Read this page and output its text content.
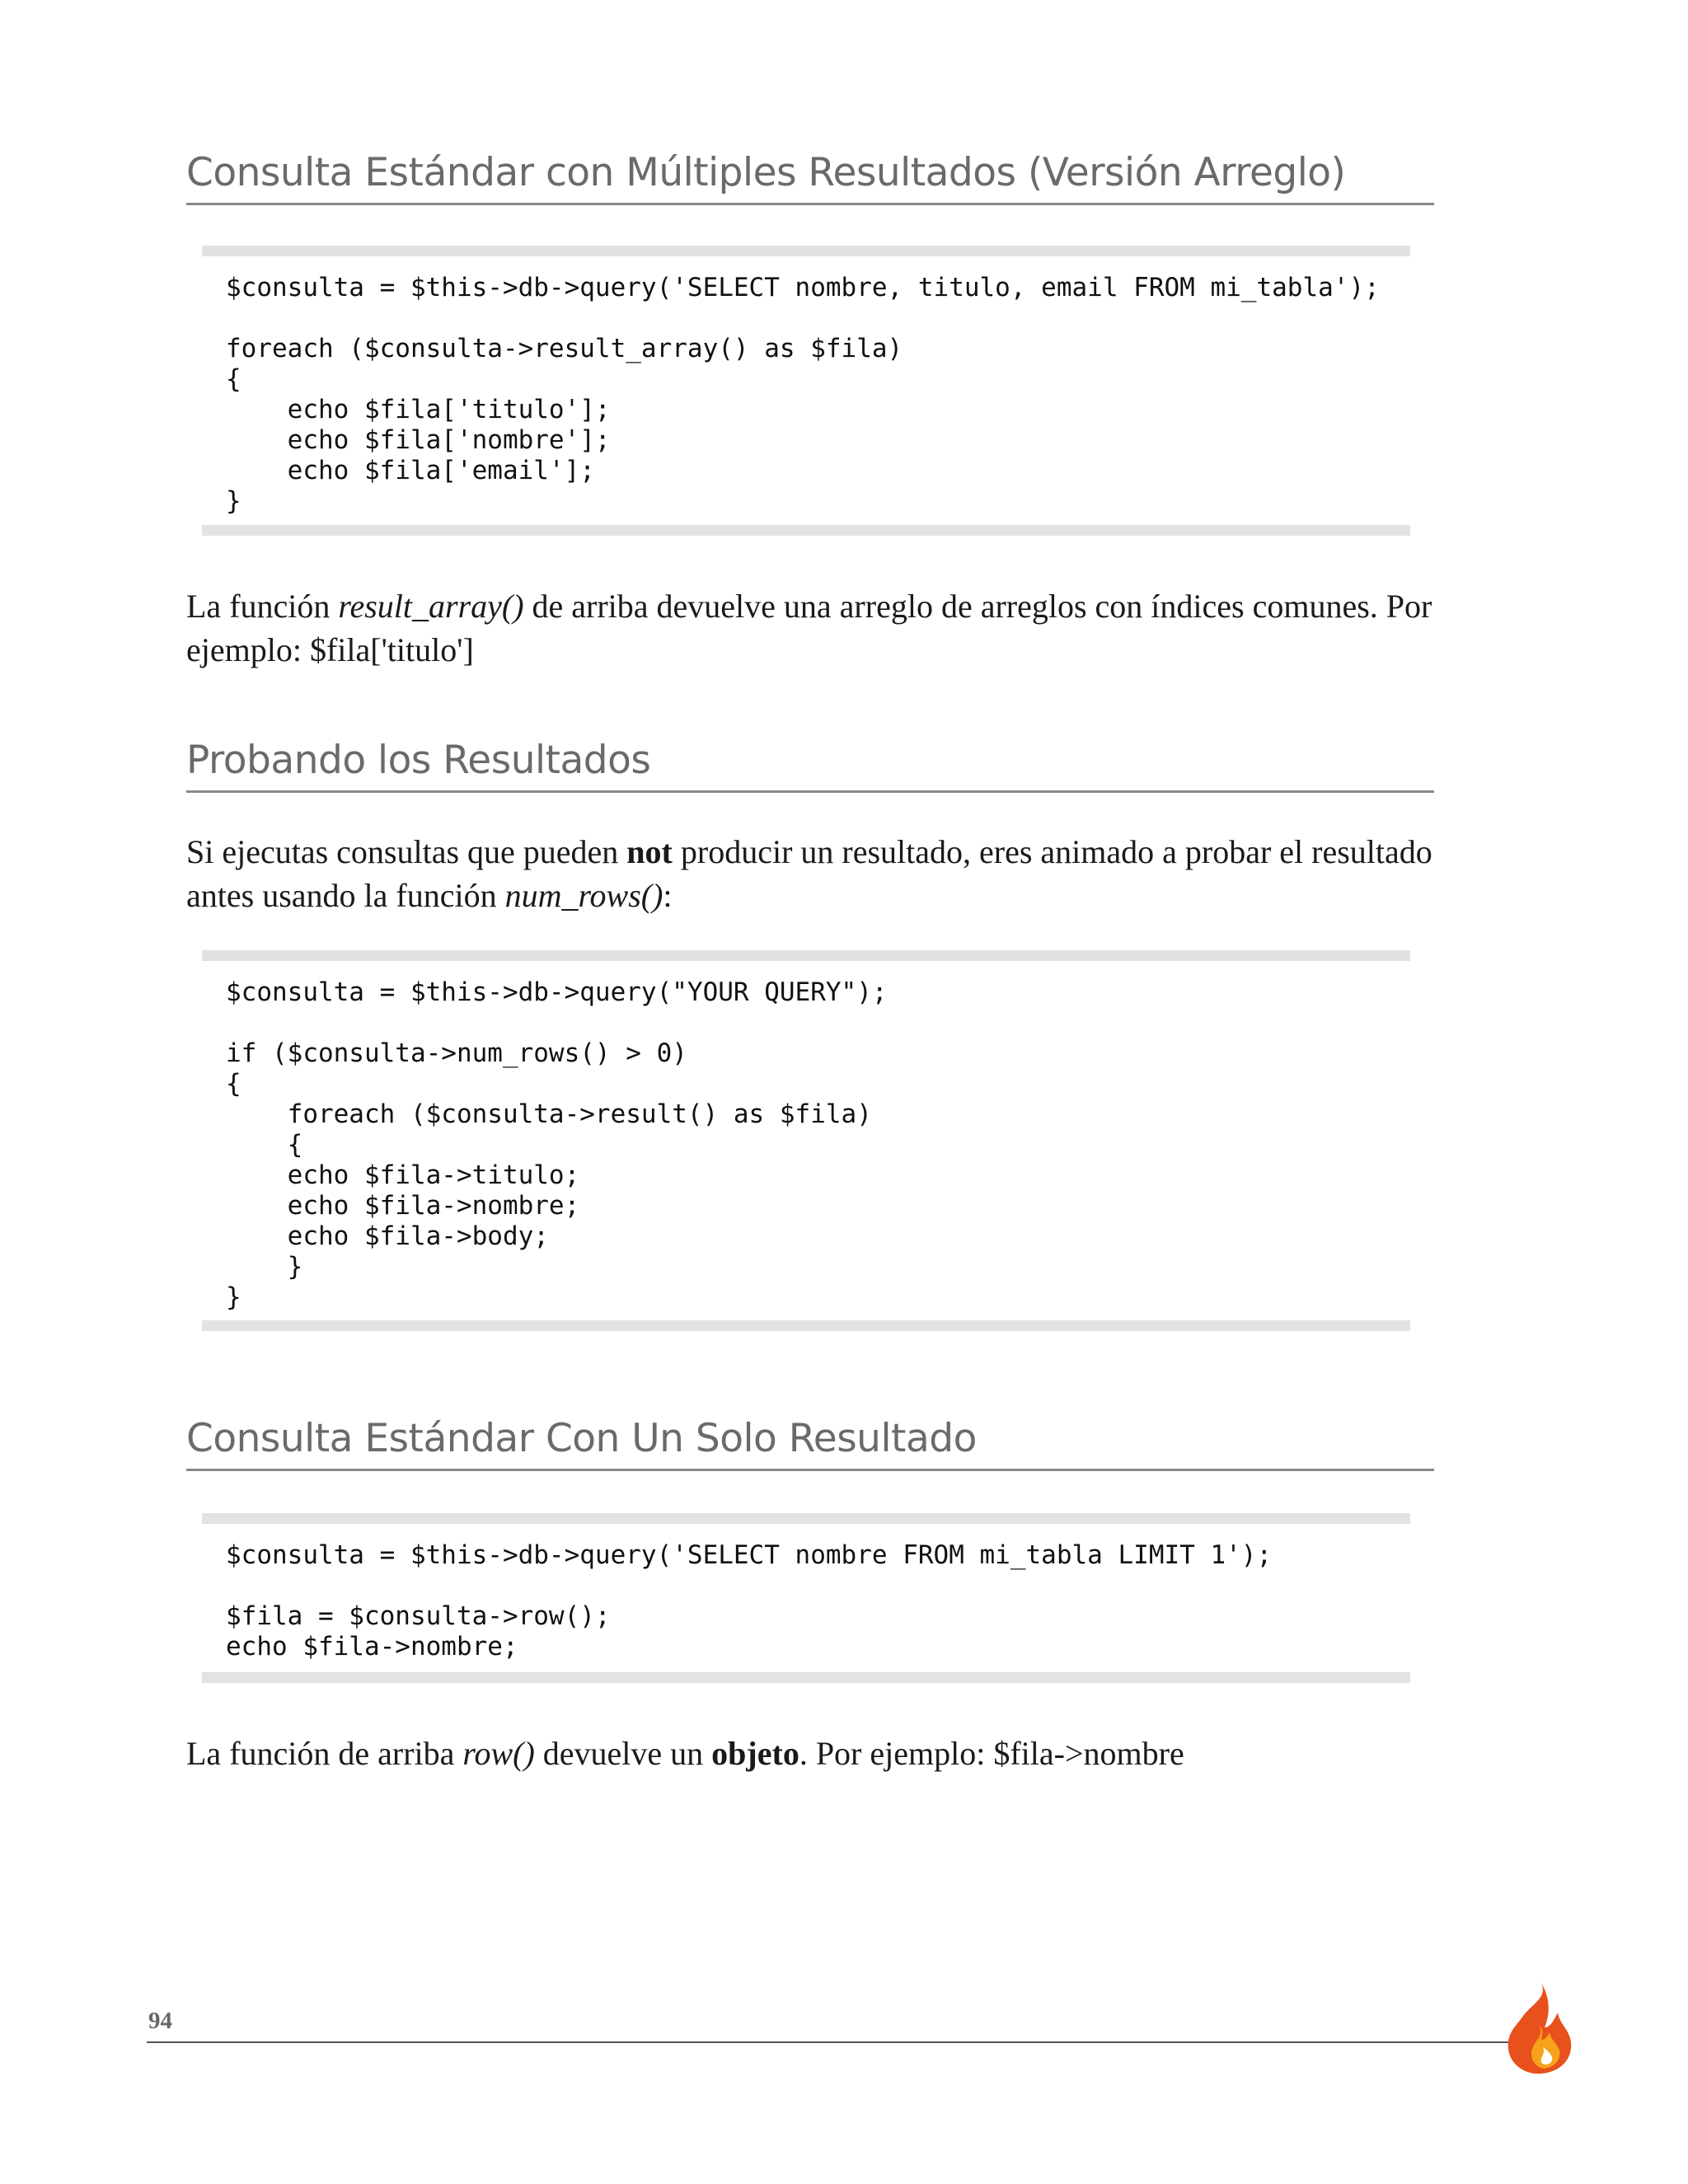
Consulta Estándar con Múltiples Resultados (Versión Arreglo)
$consulta = $this->db->query('SELECT nombre, titulo, email FROM mi_tabla');

foreach ($consulta->result_array() as $fila)
{
echo $fila['titulo'];
echo $fila['nombre'];
echo $fila['email'];
}
La función result_array() de arriba devuelve una arreglo de arreglos con índices comunes. Por ejemplo: $fila['titulo']
Probando los Resultados
Si ejecutas consultas que pueden not producir un resultado, eres animado a probar el resultado antes usando la función num_rows():
$consulta = $this->db->query("YOUR QUERY");

if ($consulta->num_rows() > 0)
{
foreach ($consulta->result() as $fila)
{
echo $fila->titulo;
echo $fila->nombre;
echo $fila->body;
}
}
Consulta Estándar Con Un Solo Resultado
$consulta = $this->db->query('SELECT nombre FROM mi_tabla LIMIT 1');

$fila = $consulta->row();
echo $fila->nombre;
La función de arriba row() devuelve un objeto. Por ejemplo: $fila->nombre
94
